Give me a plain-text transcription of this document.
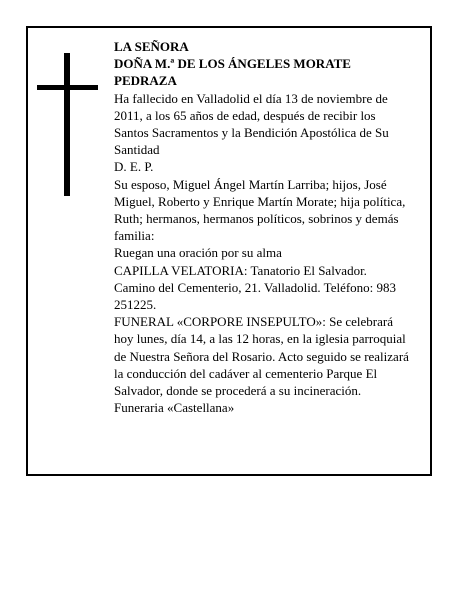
LA SEÑORA

DOÑA M.ª DE LOS ÁNGELES MORATE PEDRAZA

Ha fallecido en Valladolid el día 13 de noviembre de 2011, a los 65 años de edad, después de recibir los Santos Sacramentos y la Bendición Apostólica de Su Santidad

D. E. P.

Su esposo, Miguel Ángel Martín Larriba; hijos, José Miguel, Roberto y Enrique Martín Morate; hija política, Ruth; hermanos, hermanos políticos, sobrinos y demás familia:

Ruegan una oración por su alma

CAPILLA VELATORIA: Tanatorio El Salvador. Camino del Cementerio, 21. Valladolid. Teléfono: 983 251225.

FUNERAL «CORPORE INSEPULTO»: Se celebrará hoy lunes, día 14, a las 12 horas, en la iglesia parroquial de Nuestra Señora del Rosario. Acto seguido se realizará la conducción del cadáver al cementerio Parque El Salvador, donde se procederá a su incineración.

Funeraria «Castellana»
